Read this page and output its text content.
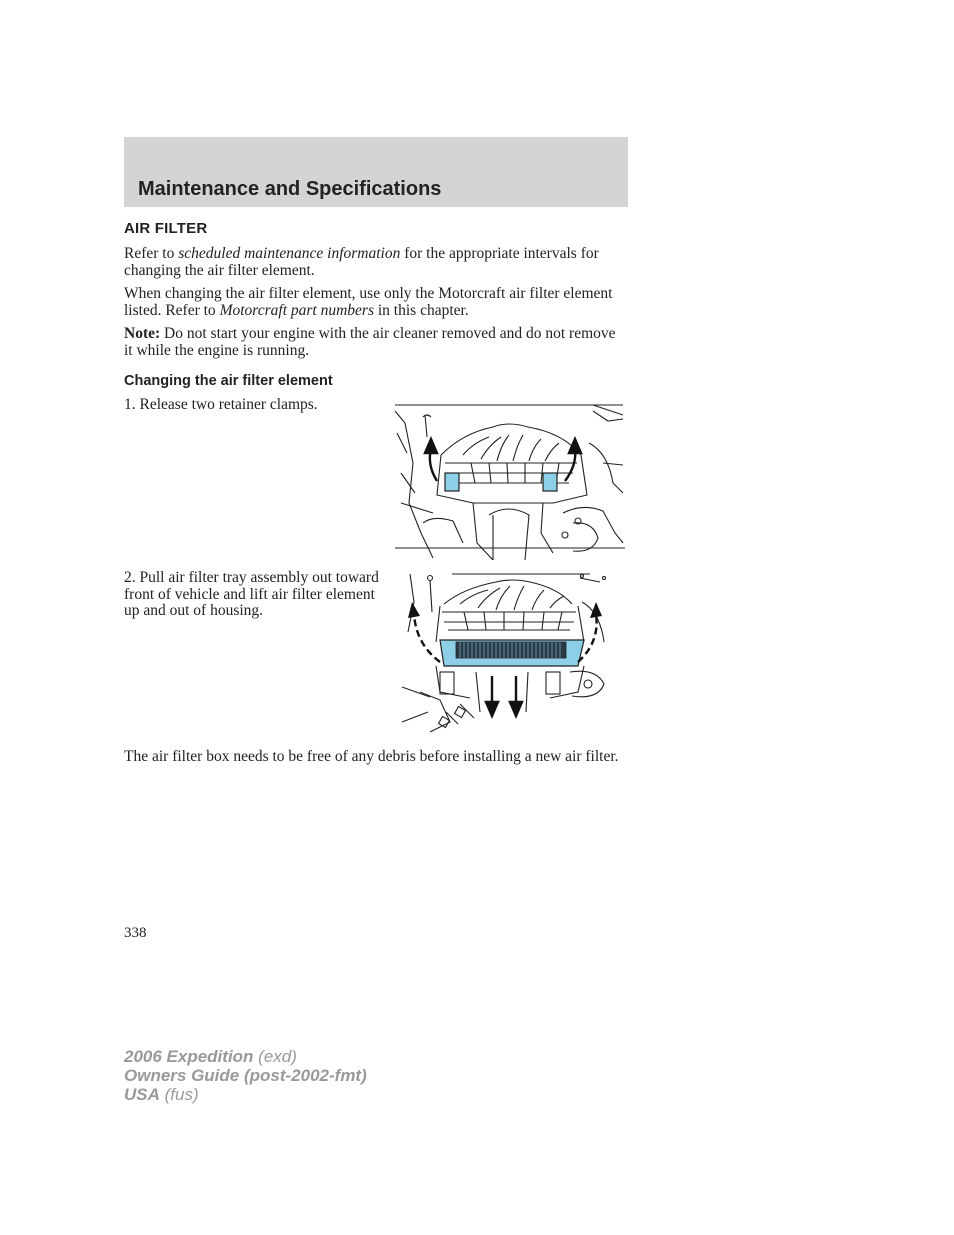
Maintenance and Specifications
AIR FILTER
Refer to scheduled maintenance information for the appropriate intervals for changing the air filter element.
When changing the air filter element, use only the Motorcraft air filter element listed. Refer to Motorcraft part numbers in this chapter.
Note: Do not start your engine with the air cleaner removed and do not remove it while the engine is running.
Changing the air filter element
1. Release two retainer clamps.
2. Pull air filter tray assembly out toward front of vehicle and lift air filter element up and out of housing.
The air filter box needs to be free of any debris before installing a new air filter.
338
2006 Expedition (exd)
Owners Guide (post-2002-fmt)
USA (fus)
